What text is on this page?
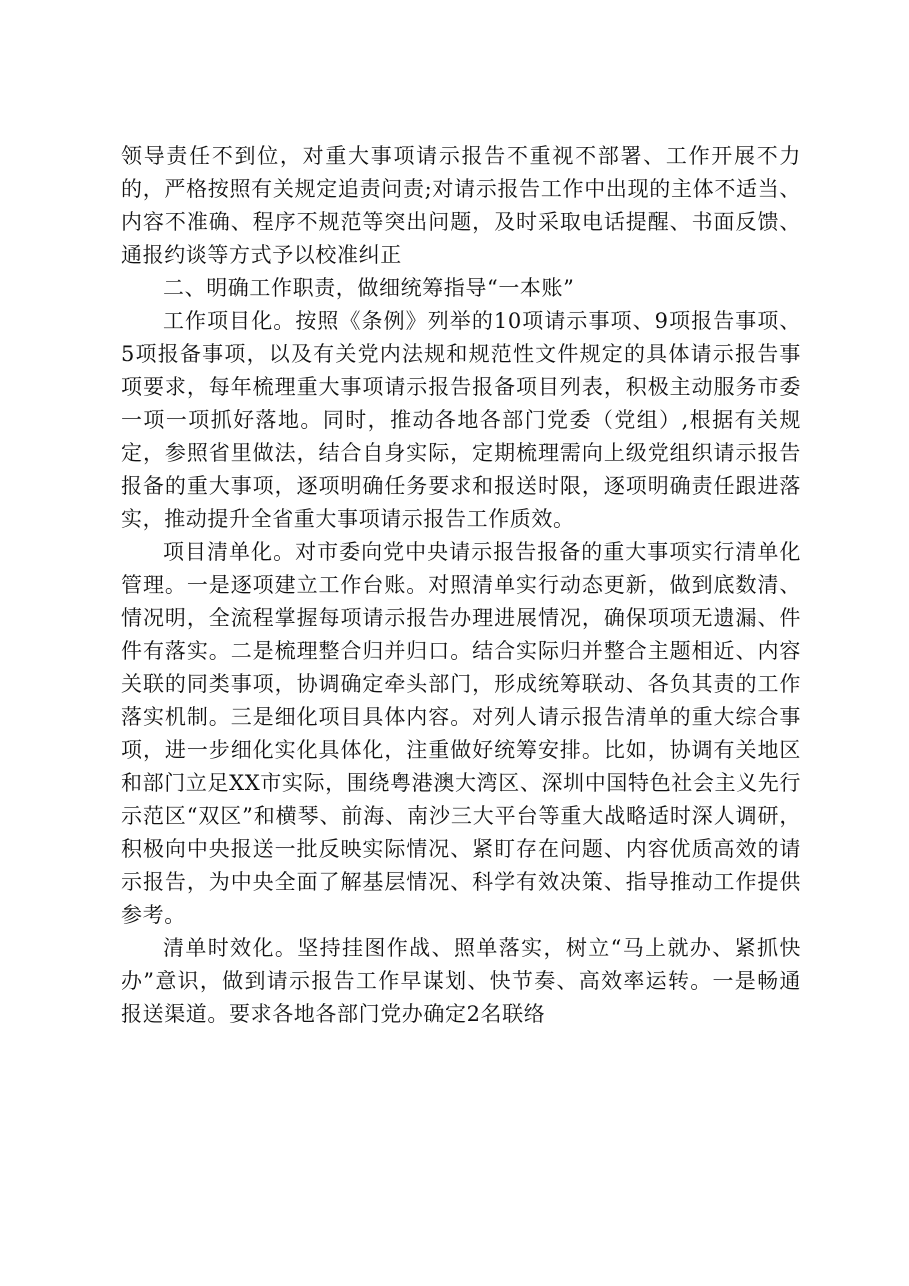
领导责任不到位，对重大事项请示报告不重视不部署、工作开展不力的，严格按照有关规定追责问责;对请示报告工作中出现的主体不适当、内容不准确、程序不规范等突出问题，及时采取电话提醒、书面反馈、通报约谈等方式予以校准纠正

二、明确工作职责，做细统筹指导“一本账”

工作项目化。按照《条例》列举的10项请示事项、9项报告事项、5项报备事项，以及有关党内法规和规范性文件规定的具体请示报告事项要求，每年梳理重大事项请示报告报备项目列表，积极主动服务市委一项一项抓好落地。同时，推动各地各部门党委（党组）,根据有关规定，参照省里做法，结合自身实际，定期梳理需向上级党组织请示报告报备的重大事项，逐项明确任务要求和报送时限，逐项明确责任跟进落实，推动提升全省重大事项请示报告工作质效。

项目清单化。对市委向党中央请示报告报备的重大事项实行清单化管理。一是逐项建立工作台账。对照清单实行动态更新，做到底数清、情况明，全流程掌握每项请示报告办理进展情况，确保项项无遗漏、件件有落实。二是梳理整合归并归口。结合实际归并整合主题相近、内容关联的同类事项，协调确定牵头部门，形成统筹联动、各负其责的工作落实机制。三是细化项目具体内容。对列人请示报告清单的重大综合事项，进一步细化实化具体化，注重做好统筹安排。比如，协调有关地区和部门立足XX市实际，围绕粤港澳大湾区、深圳中国特色社会主义先行示范区“双区”和横琴、前海、南沙三大平台等重大战略适时深人调研，积极向中央报送一批反映实际情况、紧盯存在问题、内容优质高效的请示报告，为中央全面了解基层情况、科学有效决策、指导推动工作提供参考。

清单时效化。坚持挂图作战、照单落实，树立“马上就办、紧抓快办”意识，做到请示报告工作早谋划、快节奏、高效率运转。一是畅通报送渠道。要求各地各部门党办确定2名联络
